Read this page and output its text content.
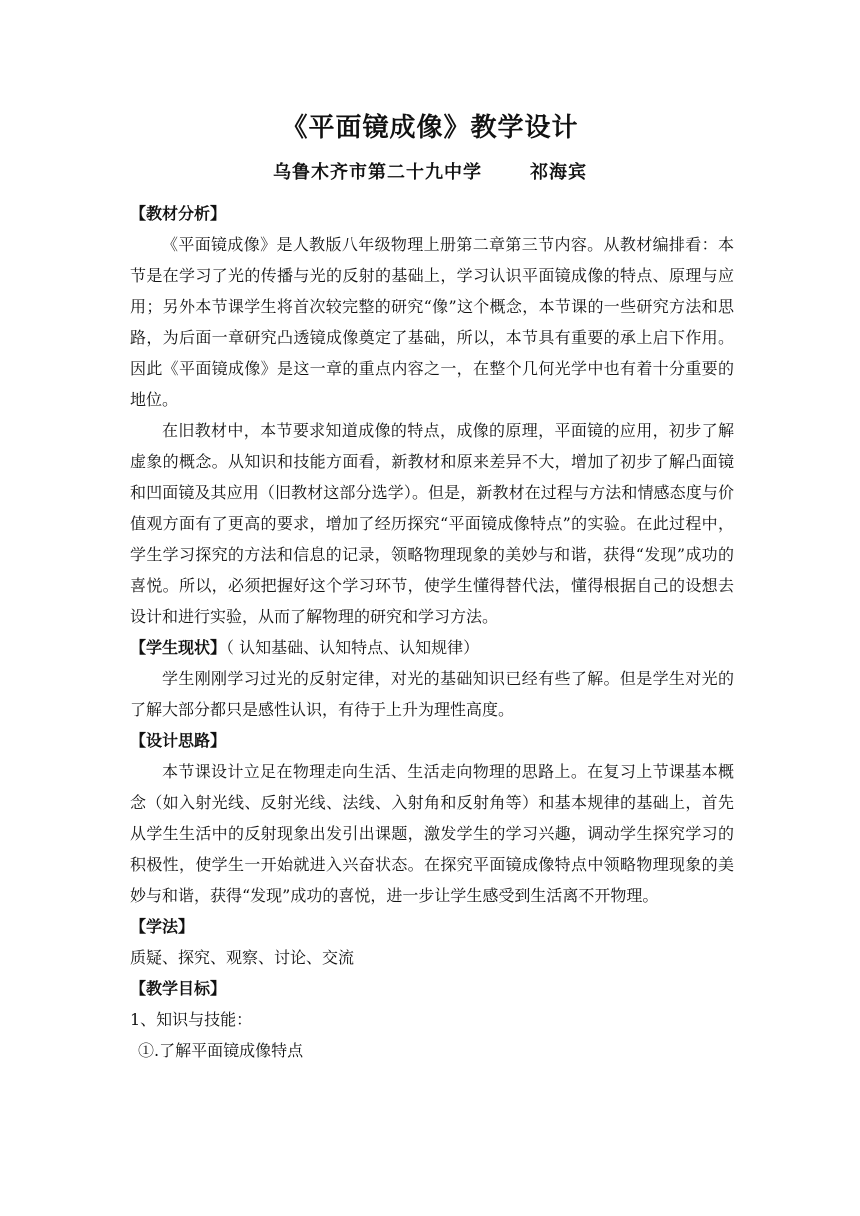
《平面镜成像》教学设计
乌鲁木齐市第二十九中学	祁海宾
【教材分析】

《平面镜成像》是人教版八年级物理上册第二章第三节内容。从教材编排看：本节是在学习了光的传播与光的反射的基础上，学习认识平面镜成像的特点、原理与应用；另外本节课学生将首次较完整的研究“像”这个概念，本节课的一些研究方法和思路，为后面一章研究凸透镜成像奠定了基础，所以，本节具有重要的承上启下作用。因此《平面镜成像》是这一章的重点内容之一，在整个几何光学中也有着十分重要的地位。

在旧教材中，本节要求知道成像的特点，成像的原理，平面镜的应用，初步了解虚象的概念。从知识和技能方面看，新教材和原来差异不大，增加了初步了解凸面镜和凹面镜及其应用（旧教材这部分选学）。但是，新教材在过程与方法和情感态度与价值观方面有了更高的要求，增加了经历探究“平面镜成像特点”的实验。在此过程中，学生学习探究的方法和信息的记录，领略物理现象的美妙与和谐，获得“发现”成功的喜悦。所以，必须把握好这个学习环节，使学生懂得替代法，懂得根据自己的设想去设计和进行实验，从而了解物理的研究和学习方法。

【学生现状】（ 认知基础、认知特点、认知规律）

学生刚刚学习过光的反射定律，对光的基础知识已经有些了解。但是学生对光的了解大部分都只是感性认识，有待于上升为理性高度。

【设计思路】

本节课设计立足在物理走向生活、生活走向物理的思路上。在复习上节课基本概念（如入射光线、反射光线、法线、入射角和反射角等）和基本规律的基础上，首先从学生生活中的反射现象出发引出课题，激发学生的学习兴趣，调动学生探究学习的积极性，使学生一开始就进入兴奋状态。在探究平面镜成像特点中领略物理现象的美妙与和谐，获得“发现”成功的喜悦，进一步让学生感受到生活离不开物理。

【学法】

质疑、探究、观察、讨论、交流

【教学目标】

1、知识与技能：

①.了解平面镜成像特点
